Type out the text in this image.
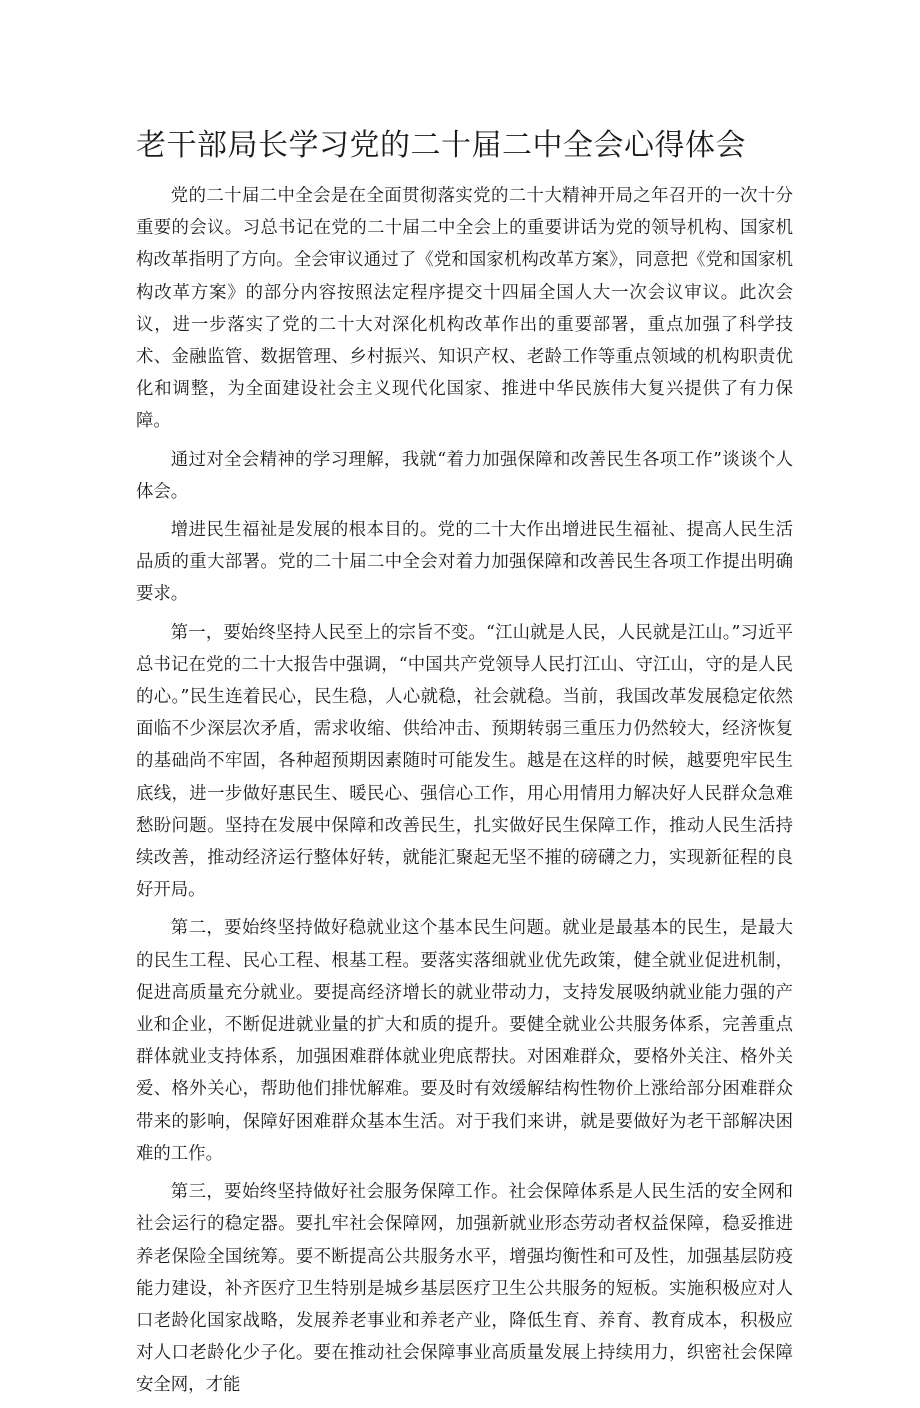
老干部局长学习党的二十届二中全会心得体会

党的二十届二中全会是在全面贯彻落实党的二十大精神开局之年召开的一次十分重要的会议。习总书记在党的二十届二中全会上的重要讲话为党的领导机构、国家机构改革指明了方向。全会审议通过了《党和国家机构改革方案》，同意把《党和国家机构改革方案》的部分内容按照法定程序提交十四届全国人大一次会议审议。此次会议，进一步落实了党的二十大对深化机构改革作出的重要部署，重点加强了科学技术、金融监管、数据管理、乡村振兴、知识产权、老龄工作等重点领域的机构职责优化和调整，为全面建设社会主义现代化国家、推进中华民族伟大复兴提供了有力保障。

通过对全会精神的学习理解，我就“着力加强保障和改善民生各项工作”谈谈个人体会。

增进民生福祉是发展的根本目的。党的二十大作出增进民生福祉、提高人民生活品质的重大部署。党的二十届二中全会对着力加强保障和改善民生各项工作提出明确要求。

第一，要始终坚持人民至上的宗旨不变。“江山就是人民，人民就是江山。”习近平总书记在党的二十大报告中强调，“中国共产党领导人民打江山、守江山，守的是人民的心。”民生连着民心，民生稳，人心就稳，社会就稳。当前，我国改革发展稳定依然面临不少深层次矛盾，需求收缩、供给冲击、预期转弱三重压力仍然较大，经济恢复的基础尚不牢固，各种超预期因素随时可能发生。越是在这样的时候，越要兜牢民生底线，进一步做好惠民生、暖民心、强信心工作，用心用情用力解决好人民群众急难愁盼问题。坚持在发展中保障和改善民生，扎实做好民生保障工作，推动人民生活持续改善，推动经济运行整体好转，就能汇聚起无坚不摧的磅礴之力，实现新征程的良好开局。

第二，要始终坚持做好稳就业这个基本民生问题。就业是最基本的民生，是最大的民生工程、民心工程、根基工程。要落实落细就业优先政策，健全就业促进机制，促进高质量充分就业。要提高经济增长的就业带动力，支持发展吸纳就业能力强的产业和企业，不断促进就业量的扩大和质的提升。要健全就业公共服务体系，完善重点群体就业支持体系，加强困难群体就业兜底帮扶。对困难群众，要格外关注、格外关爱、格外关心，帮助他们排忧解难。要及时有效缓解结构性物价上涨给部分困难群众带来的影响，保障好困难群众基本生活。对于我们来讲，就是要做好为老干部解决困难的工作。

第三，要始终坚持做好社会服务保障工作。社会保障体系是人民生活的安全网和社会运行的稳定器。要扎牢社会保障网，加强新就业形态劳动者权益保障，稳妥推进养老保险全国统筹。要不断提高公共服务水平，增强均衡性和可及性，加强基层防疫能力建设，补齐医疗卫生特别是城乡基层医疗卫生公共服务的短板。实施积极应对人口老龄化国家战略，发展养老事业和养老产业，降低生育、养育、教育成本，积极应对人口老龄化少子化。要在推动社会保障事业高质量发展上持续用力，织密社会保障安全网，才能
